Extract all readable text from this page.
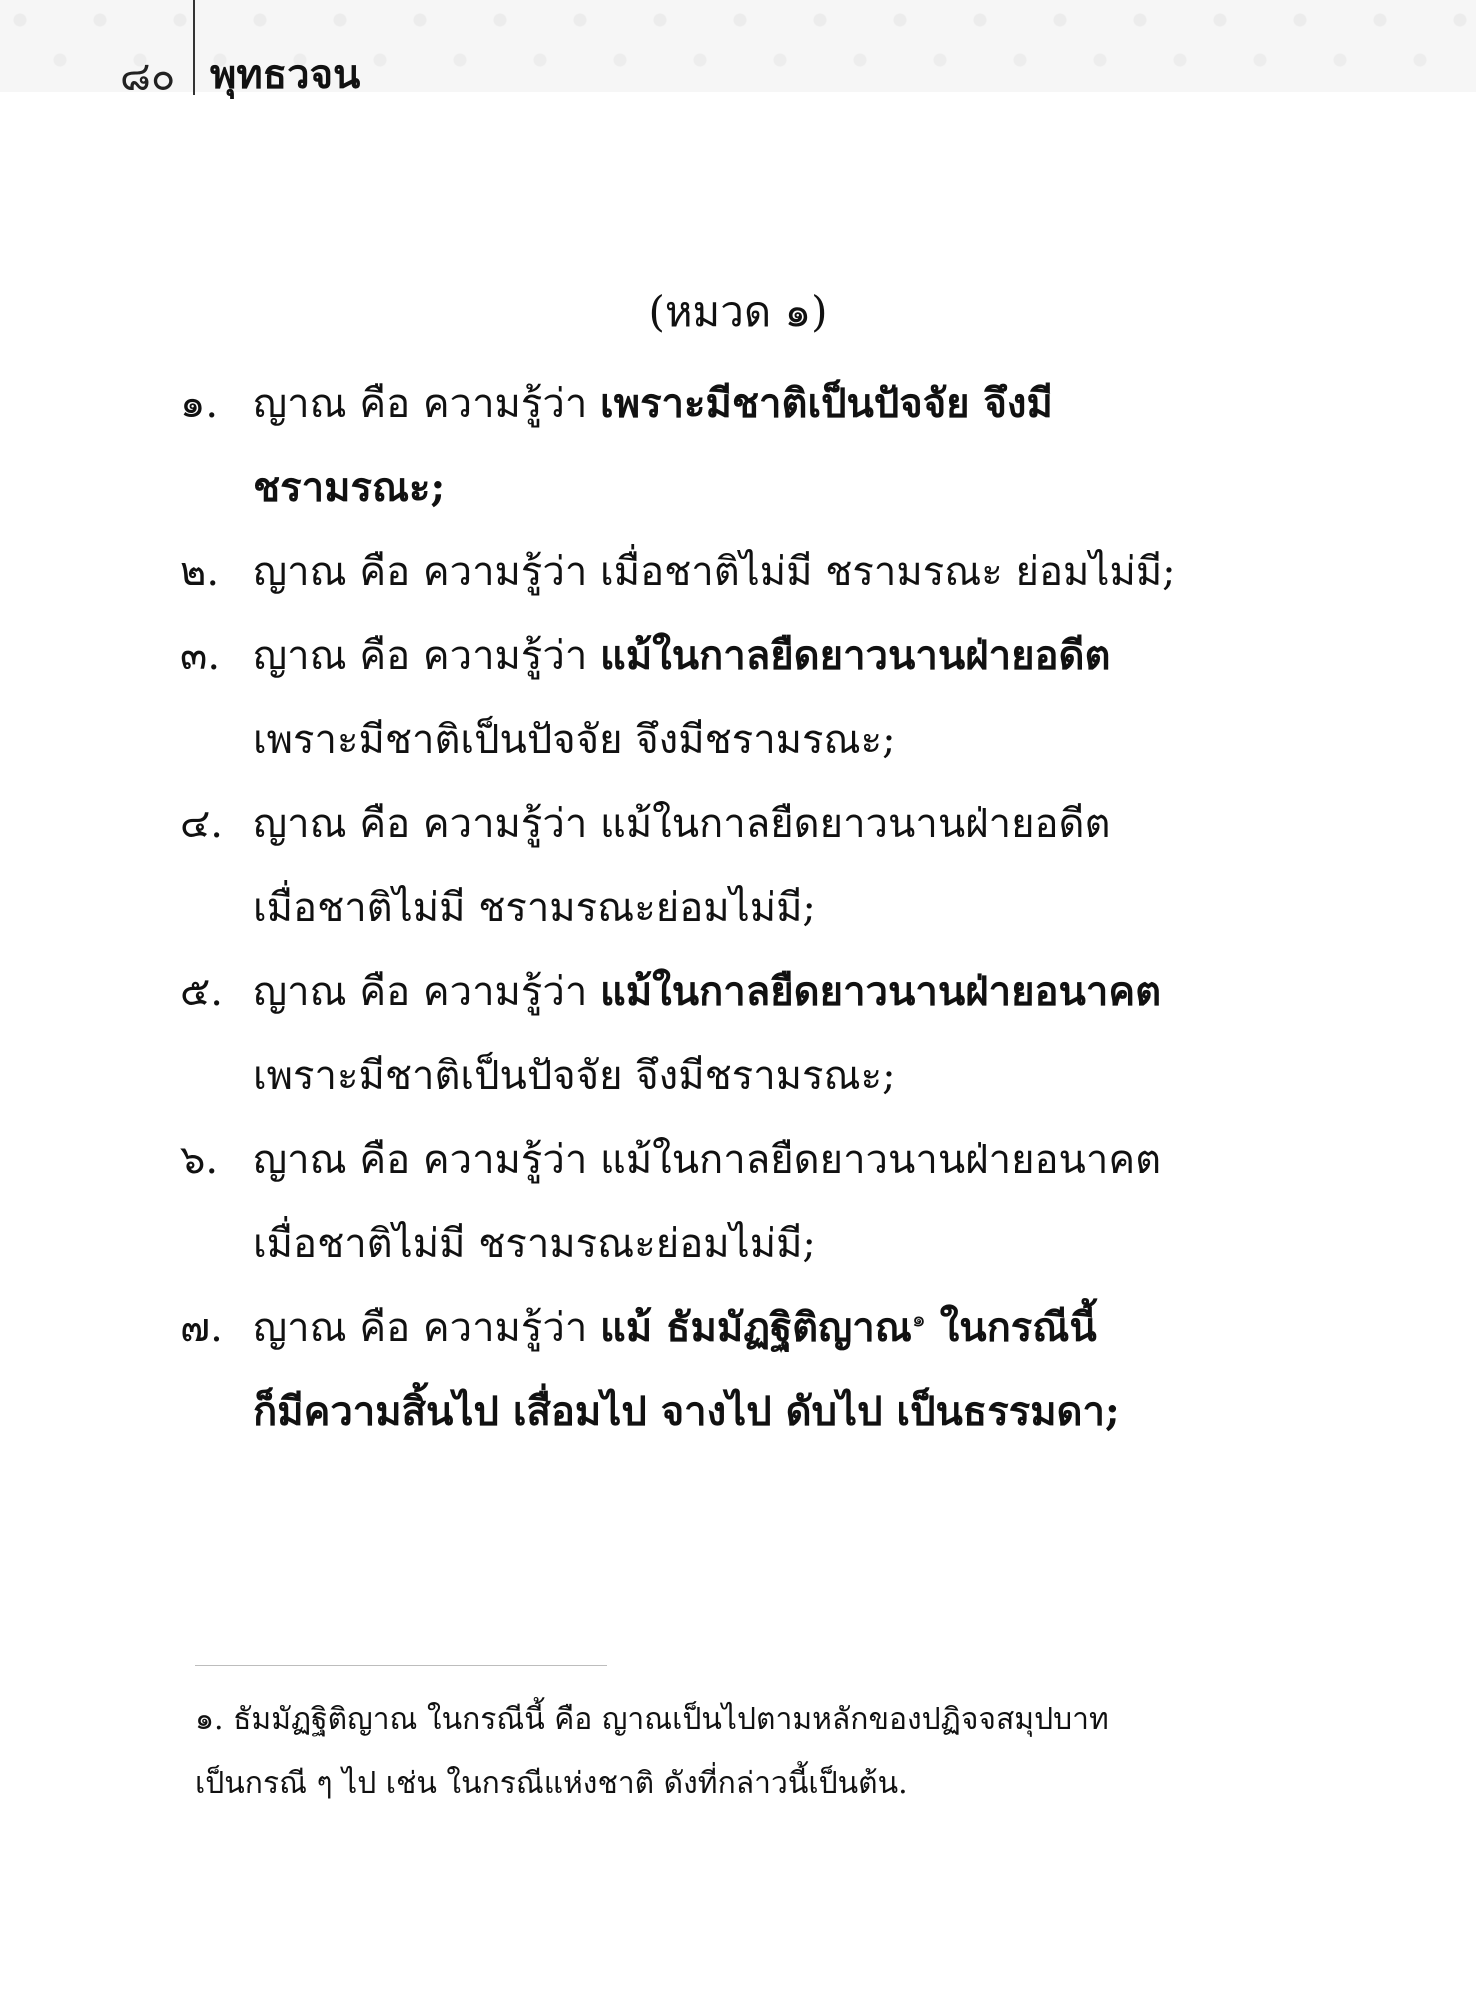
๘๐ พุทธวจน
(หมวด ๑)
๑. ญาณ คือ ความรู้ว่า เพราะมีชาติเป็นปัจจัย จึงมี
ชรามรณะ;
๒. ญาณ คือ ความรู้ว่า เมื่อชาติไม่มี ชรามรณะ ย่อมไม่มี;
๓. ญาณ คือ ความรู้ว่า แม้ในกาลยืดยาวนานฝ่ายอดีต
เพราะมีชาติเป็นปัจจัย จึงมีชรามรณะ;
๔. ญาณ คือ ความรู้ว่า แม้ในกาลยืดยาวนานฝ่ายอดีต
เมื่อชาติไม่มี ชรามรณะย่อมไม่มี;
๕. ญาณ คือ ความรู้ว่า แม้ในกาลยืดยาวนานฝ่ายอนาคต
เพราะมีชาติเป็นปัจจัย จึงมีชรามรณะ;
๖. ญาณ คือ ความรู้ว่า แม้ในกาลยืดยาวนานฝ่ายอนาคต
เมื่อชาติไม่มี ชรามรณะย่อมไม่มี;
๗. ญาณ คือ ความรู้ว่า แม้ ธัมมัฏฐิติญาณ$^๑$ ในกรณีนี้
ก็มีความสิ้นไป เสื่อมไป จางไป ดับไป เป็นธรรมดา;
๑. ธัมมัฏฐิติญาณ ในกรณีนี้ คือ ญาณเป็นไปตามหลักของปฏิจจสมุปบาท
เป็นกรณี ๆ ไป เช่น ในกรณีแห่งชาติ ดังที่กล่าวนี้เป็นต้น.
